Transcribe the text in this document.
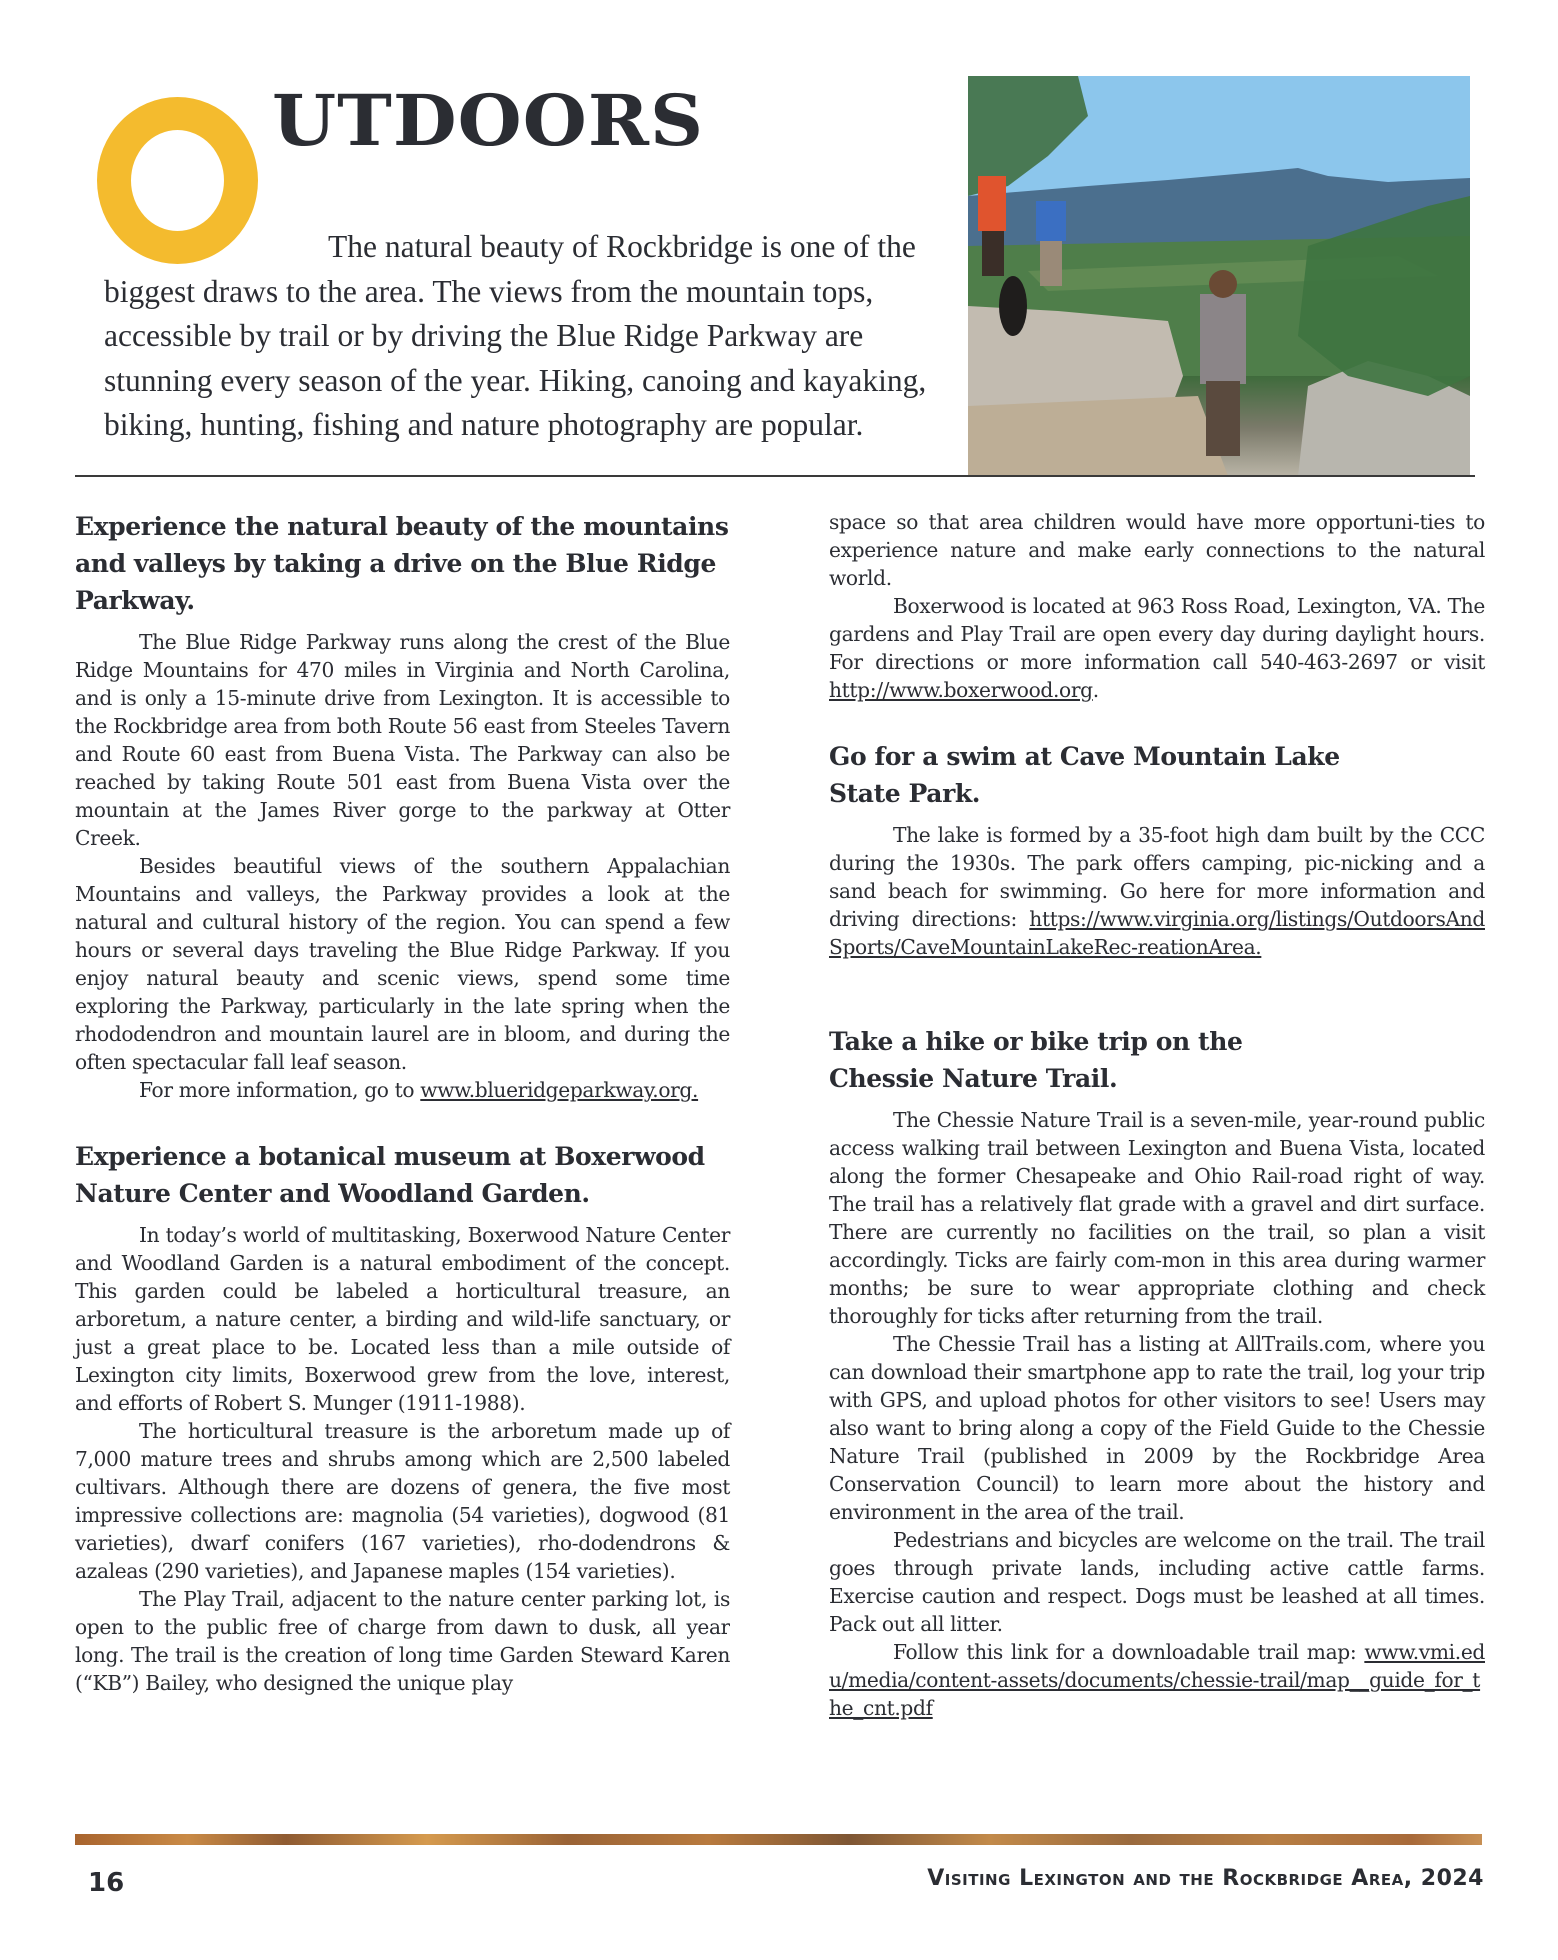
UTDOORS
The natural beauty of Rockbridge is one of the biggest draws to the area. The views from the mountain tops, accessible by trail or by driving the Blue Ridge Parkway are stunning every season of the year. Hiking, canoing and kayaking, biking, hunting, fishing and nature photography are popular.
Experience the natural beauty of the mountains and valleys by taking a drive on the Blue Ridge Parkway.

The Blue Ridge Parkway runs along the crest of the Blue Ridge Mountains for 470 miles in Virginia and North Carolina, and is only a 15-minute drive from Lexington. It is accessible to the Rockbridge area from both Route 56 east from Steeles Tavern and Route 60 east from Buena Vista. The Parkway can also be reached by taking Route 501 east from Buena Vista over the mountain at the James River gorge to the parkway at Otter Creek.

Besides beautiful views of the southern Appalachian Mountains and valleys, the Parkway provides a look at the natural and cultural history of the region. You can spend a few hours or several days traveling the Blue Ridge Parkway. If you enjoy natural beauty and scenic views, spend some time exploring the Parkway, particularly in the late spring when the rhododendron and mountain laurel are in bloom, and during the often spectacular fall leaf season.

For more information, go to www.blueridgeparkway.org.

Experience a botanical museum at Boxerwood Nature Center and Woodland Garden.

In today’s world of multitasking, Boxerwood Nature Center and Woodland Garden is a natural embodiment of the concept. This garden could be labeled a horticultural treasure, an arboretum, a nature center, a birding and wild-life sanctuary, or just a great place to be. Located less than a mile outside of Lexington city limits, Boxerwood grew from the love, interest, and efforts of Robert S. Munger (1911-1988).

The horticultural treasure is the arboretum made up of 7,000 mature trees and shrubs among which are 2,500 labeled cultivars. Although there are dozens of genera, the five most impressive collections are: magnolia (54 varieties), dogwood (81 varieties), dwarf conifers (167 varieties), rho-dodendrons & azaleas (290 varieties), and Japanese maples (154 varieties).

The Play Trail, adjacent to the nature center parking lot, is open to the public free of charge from dawn to dusk, all year long. The trail is the creation of long time Garden Steward Karen (“KB”) Bailey, who designed the unique play

space so that area children would have more opportuni-ties to experience nature and make early connections to the natural world.

Boxerwood is located at 963 Ross Road, Lexington, VA. The gardens and Play Trail are open every day during daylight hours. For directions or more information call 540-463-2697 or visit http://www.boxerwood.org.

Go for a swim at Cave Mountain Lake State Park.

The lake is formed by a 35-foot high dam built by the CCC during the 1930s. The park offers camping, pic-nicking and a sand beach for swimming. Go here for more information and driving directions: https://www.virginia.org/listings/OutdoorsAndSports/CaveMountainLakeRec-reationArea.

Take a hike or bike trip on the Chessie Nature Trail.

The Chessie Nature Trail is a seven-mile, year-round public access walking trail between Lexington and Buena Vista, located along the former Chesapeake and Ohio Rail-road right of way. The trail has a relatively flat grade with a gravel and dirt surface. There are currently no facilities on the trail, so plan a visit accordingly. Ticks are fairly com-mon in this area during warmer months; be sure to wear appropriate clothing and check thoroughly for ticks after returning from the trail.

The Chessie Trail has a listing at AllTrails.com, where you can download their smartphone app to rate the trail, log your trip with GPS, and upload photos for other visitors to see! Users may also want to bring along a copy of the Field Guide to the Chessie Nature Trail (published in 2009 by the Rockbridge Area Conservation Council) to learn more about the history and environment in the area of the trail.

Pedestrians and bicycles are welcome on the trail. The trail goes through private lands, including active cattle farms. Exercise caution and respect. Dogs must be leashed at all times. Pack out all litter.

Follow this link for a downloadable trail map: www.vmi.edu/media/content-assets/documents/chessie-trail/map__guide_for_the_cnt.pdf

16	Visiting Lexington and the Rockbridge Area, 2024
